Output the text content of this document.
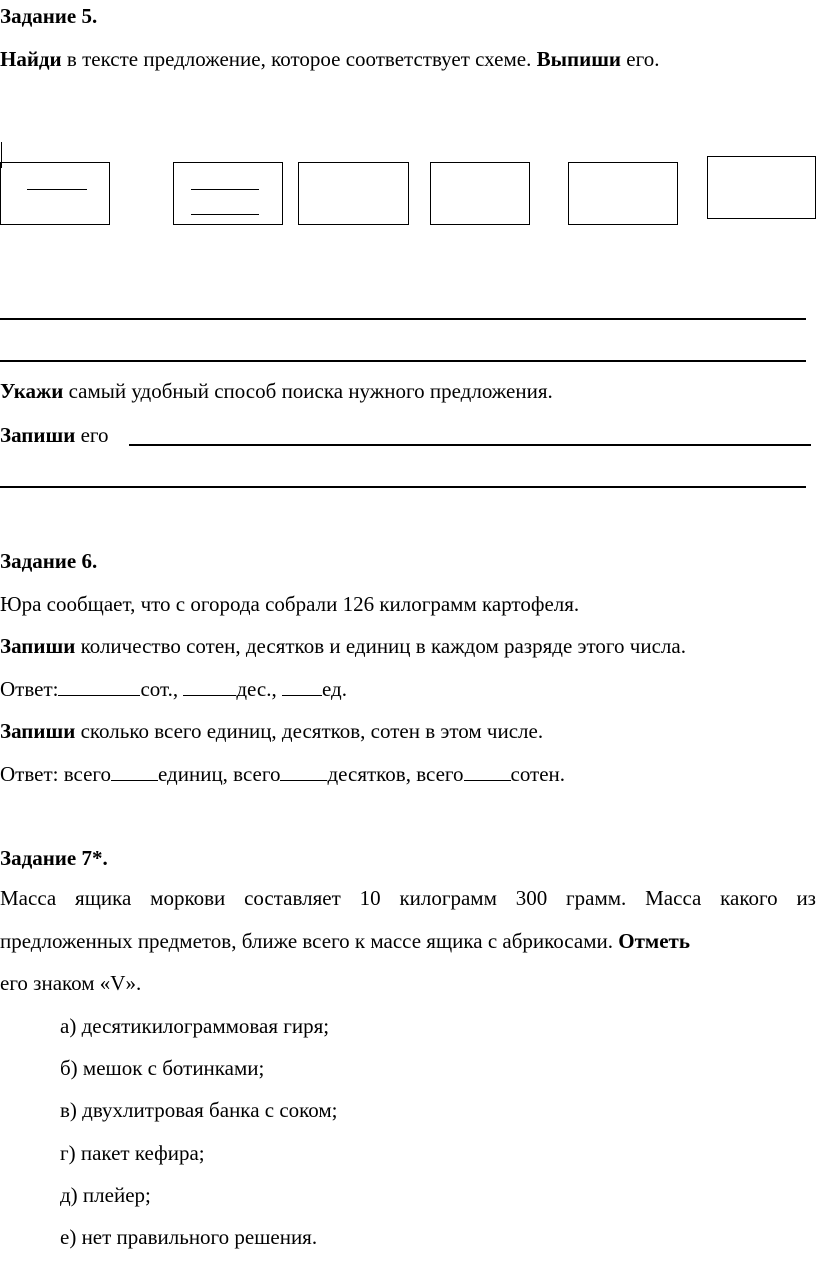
Задание 5.
Найди в тексте предложение, которое соответствует схеме. Выпиши его.
Укажи самый удобный способ поиска нужного предложения.
Запиши его
Задание 6.
Юра сообщает, что с огорода собрали 126 килограмм картофеля.
Запиши количество сотен, десятков и единиц в каждом разряде этого числа.
Ответ:	сот.,	дес., ед.
Запиши сколько всего единиц, десятков, сотен в этом числе.
Ответ: всего единиц, всего десятков, всего сотен.
Задание 7*.
Масса ящика моркови составляет 10 килограмм 300 грамм. Масса какого из
предложенных предметов, ближе всего к массе ящика с абрикосами. Отметь
его знаком «V».
а) десятикилограммовая гиря;
б) мешок с ботинками;
в) двухлитровая банка с соком;
г) пакет кефира;
д) плейер;
е) нет правильного решения.
